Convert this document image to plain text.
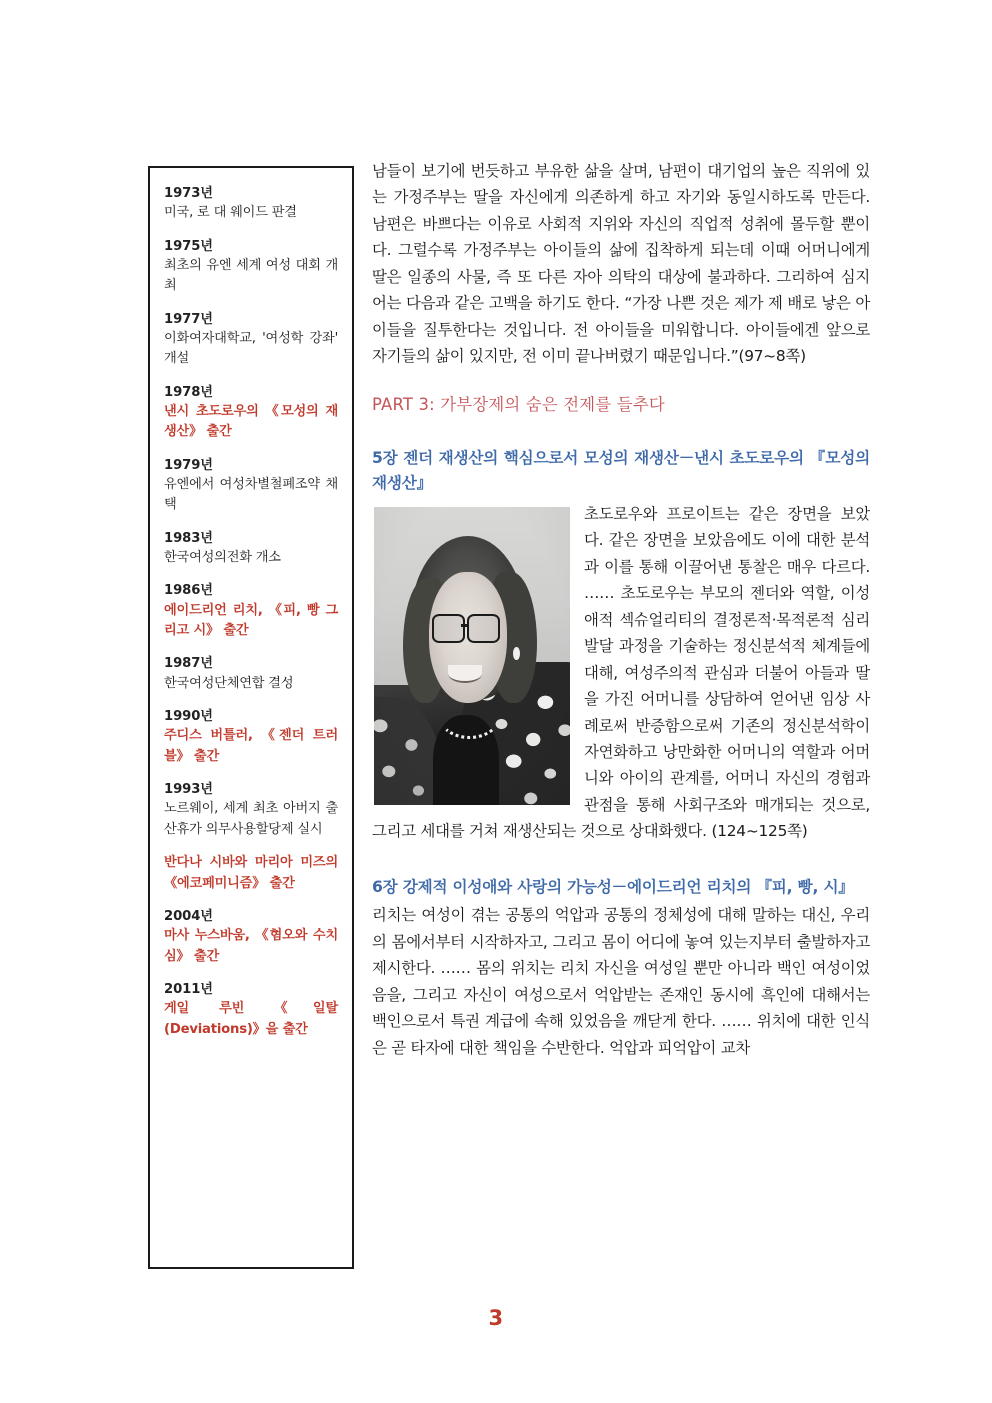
1973년
미국, 로 대 웨이드 판결
1975년
최초의 유엔 세계 여성 대회 개최
1977년
이화여자대학교, '여성학 강좌' 개설
1978년
낸시 초도로우의 《모성의 재생산》 출간
1979년
유엔에서 여성차별철폐조약 채택
1983년
한국여성의전화 개소
1986년
에이드리언 리치, 《피, 빵 그리고 시》 출간
1987년
한국여성단체연합 결성
1990년
주디스 버틀러, 《젠더 트러블》 출간
1993년
노르웨이, 세계 최초 아버지 출산휴가 의무사용할당제 실시
반다나 시바와 마리아 미즈의 《에코페미니즘》 출간
2004년
마사 누스바움, 《혐오와 수치심》 출간
2011년
게일 루빈 《일탈(Deviations)》을 출간

남들이 보기에 번듯하고 부유한 삶을 살며, 남편이 대기업의 높은 직위에 있는 가정주부는 딸을 자신에게 의존하게 하고 자기와 동일시하도록 만든다. 남편은 바쁘다는 이유로 사회적 지위와 자신의 직업적 성취에 몰두할 뿐이다. 그럴수록 가정주부는 아이들의 삶에 집착하게 되는데 이때 어머니에게 딸은 일종의 사물, 즉 또 다른 자아 의탁의 대상에 불과하다. 그리하여 심지어는 다음과 같은 고백을 하기도 한다. “가장 나쁜 것은 제가 제 배로 낳은 아이들을 질투한다는 것입니다. 전 아이들을 미워합니다. 아이들에겐 앞으로 자기들의 삶이 있지만, 전 이미 끝나버렸기 때문입니다.”(97~8쪽)

PART 3: 가부장제의 숨은 전제를 들추다
5장 젠더 재생산의 핵심으로서 모성의 재생산－낸시 초도로우의 『모성의 재생산』

초도로우와 프로이트는 같은 장면을 보았다. 같은 장면을 보았음에도 이에 대한 분석과 이를 통해 이끌어낸 통찰은 매우 다르다. …… 초도로우는 부모의 젠더와 역할, 이성애적 섹슈얼리티의 결정론적·목적론적 심리 발달 과정을 기술하는 정신분석적 체계들에 대해, 여성주의적 관심과 더불어 아들과 딸을 가진 어머니를 상담하여 얻어낸 임상 사례로써 반증함으로써 기존의 정신분석학이 자연화하고 낭만화한 어머니의 역할과 어머니와 아이의 관계를, 어머니 자신의 경험과 관점을 통해 사회구조와 매개되는 것으로, 그리고 세대를 거쳐 재생산되는 것으로 상대화했다. (124~125쪽)

6장 강제적 이성애와 사랑의 가능성－에이드리언 리치의 『피, 빵, 시』

리치는 여성이 겪는 공통의 억압과 공통의 정체성에 대해 말하는 대신, 우리의 몸에서부터 시작하자고, 그리고 몸이 어디에 놓여 있는지부터 출발하자고 제시한다. …… 몸의 위치는 리치 자신을 여성일 뿐만 아니라 백인 여성이었음을, 그리고 자신이 여성으로서 억압받는 존재인 동시에 흑인에 대해서는 백인으로서 특권 계급에 속해 있었음을 깨닫게 한다. …… 위치에 대한 인식은 곧 타자에 대한 책임을 수반한다. 억압과 피억압이 교차

3
